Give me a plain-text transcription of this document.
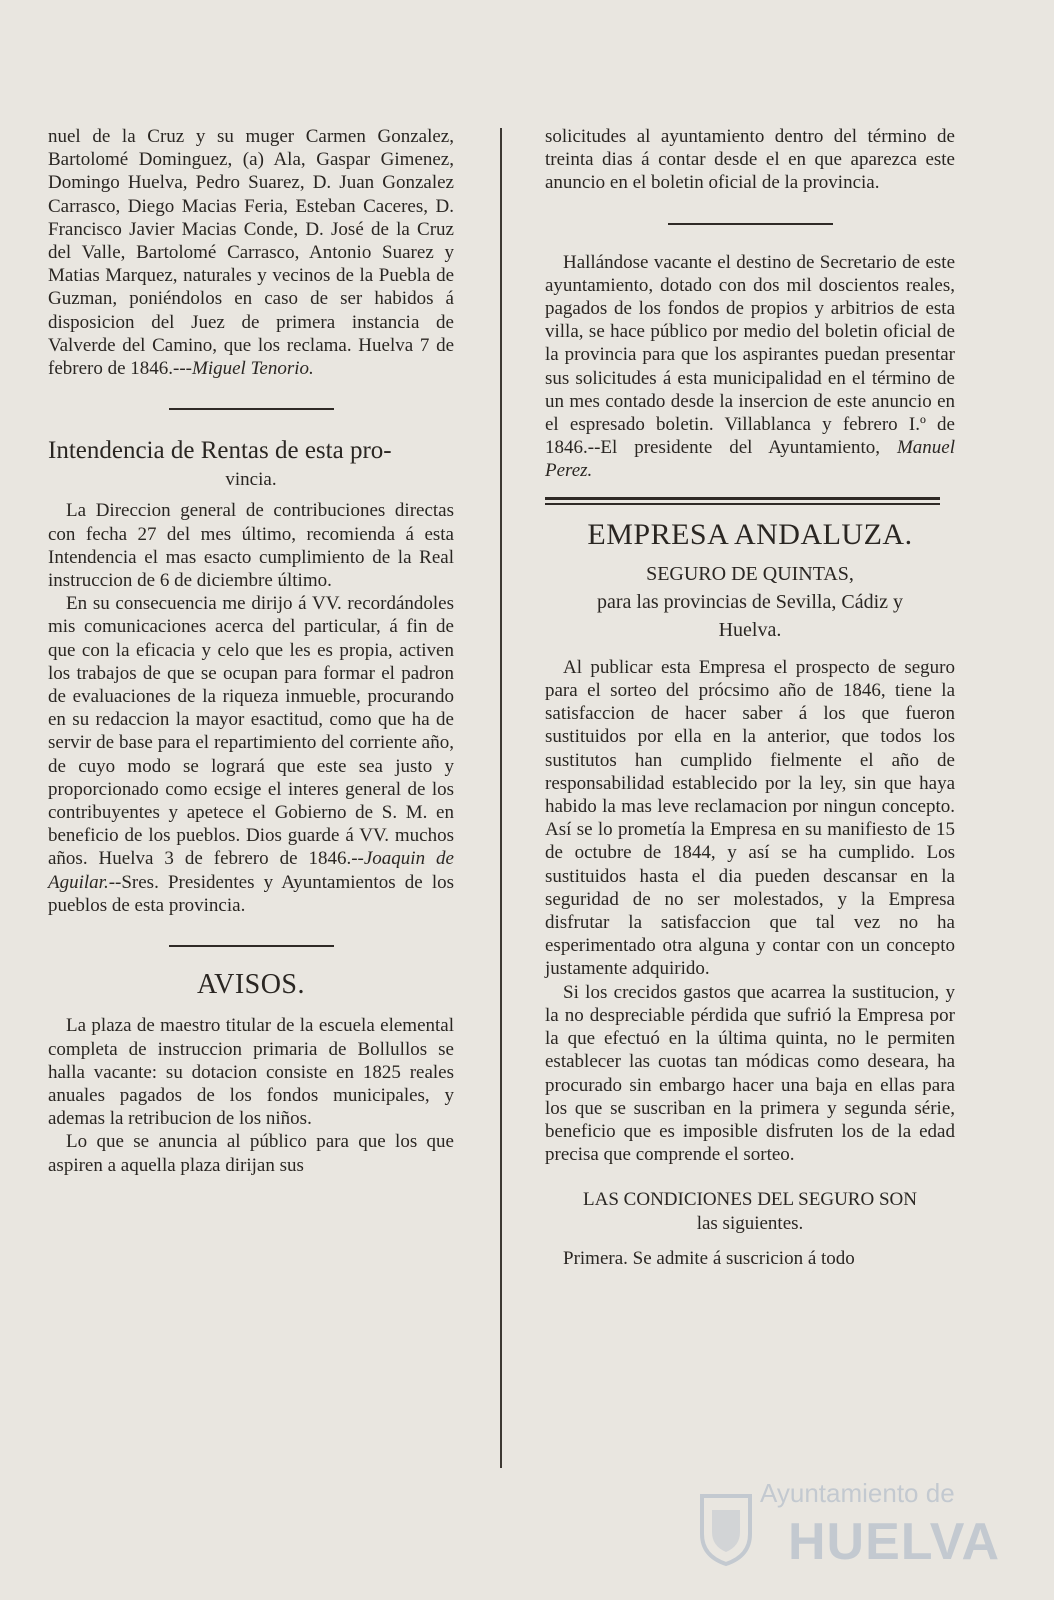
nuel de la Cruz y su muger Carmen Gonzalez, Bartolomé Dominguez, (a) Ala, Gaspar Gimenez, Domingo Huelva, Pedro Suarez, D. Juan Gonzalez Carrasco, Diego Macias Feria, Esteban Caceres, D. Francisco Javier Macias Conde, D. José de la Cruz del Valle, Bartolomé Carrasco, Antonio Suarez y Matias Marquez, naturales y vecinos de la Puebla de Guzman, poniéndolos en caso de ser habidos á disposicion del Juez de primera instancia de Valverde del Camino, que los reclama. Huelva 7 de febrero de 1846.---Miguel Tenorio.

Intendencia de Rentas de esta pro-
vincia.

La Direccion general de contribuciones directas con fecha 27 del mes último, recomienda á esta Intendencia el mas esacto cumplimiento de la Real instruccion de 6 de diciembre último.

En su consecuencia me dirijo á VV. recordándoles mis comunicaciones acerca del particular, á fin de que con la eficacia y celo que les es propia, activen los trabajos de que se ocupan para formar el padron de evaluaciones de la riqueza inmueble, procurando en su redaccion la mayor esactitud, como que ha de servir de base para el repartimiento del corriente año, de cuyo modo se logrará que este sea justo y proporcionado como ecsige el interes general de los contribuyentes y apetece el Gobierno de S. M. en beneficio de los pueblos. Dios guarde á VV. muchos años. Huelva 3 de febrero de 1846.--Joaquin de Aguilar.--Sres. Presidentes y Ayuntamientos de los pueblos de esta provincia.

AVISOS.

La plaza de maestro titular de la escuela elemental completa de instruccion primaria de Bollullos se halla vacante: su dotacion consiste en 1825 reales anuales pagados de los fondos municipales, y ademas la retribucion de los niños.

Lo que se anuncia al público para que los que aspiren a aquella plaza dirijan sus

solicitudes al ayuntamiento dentro del término de treinta dias á contar desde el en que aparezca este anuncio en el boletin oficial de la provincia.

Hallándose vacante el destino de Secretario de este ayuntamiento, dotado con dos mil doscientos reales, pagados de los fondos de propios y arbitrios de esta villa, se hace público por medio del boletin oficial de la provincia para que los aspirantes puedan presentar sus solicitudes á esta municipalidad en el término de un mes contado desde la insercion de este anuncio en el espresado boletin. Villablanca y febrero I.º de 1846.--El presidente del Ayuntamiento, Manuel Perez.

EMPRESA ANDALUZA.
SEGURO DE QUINTAS,
para las provincias de Sevilla, Cádiz y Huelva.

Al publicar esta Empresa el prospecto de seguro para el sorteo del prócsimo año de 1846, tiene la satisfaccion de hacer saber á los que fueron sustituidos por ella en la anterior, que todos los sustitutos han cumplido fielmente el año de responsabilidad establecido por la ley, sin que haya habido la mas leve reclamacion por ningun concepto. Así se lo prometía la Empresa en su manifiesto de 15 de octubre de 1844, y así se ha cumplido. Los sustituidos hasta el dia pueden descansar en la seguridad de no ser molestados, y la Empresa disfrutar la satisfaccion que tal vez no ha esperimentado otra alguna y contar con un concepto justamente adquirido.

Si los crecidos gastos que acarrea la sustitucion, y la no despreciable pérdida que sufrió la Empresa por la que efectuó en la última quinta, no le permiten establecer las cuotas tan módicas como deseara, ha procurado sin embargo hacer una baja en ellas para los que se suscriban en la primera y segunda série, beneficio que es imposible disfruten los de la edad precisa que comprende el sorteo.

LAS CONDICIONES DEL SEGURO SON
las siguientes.

Primera. Se admite á suscricion á todo

Ayuntamiento de
HUELVA
